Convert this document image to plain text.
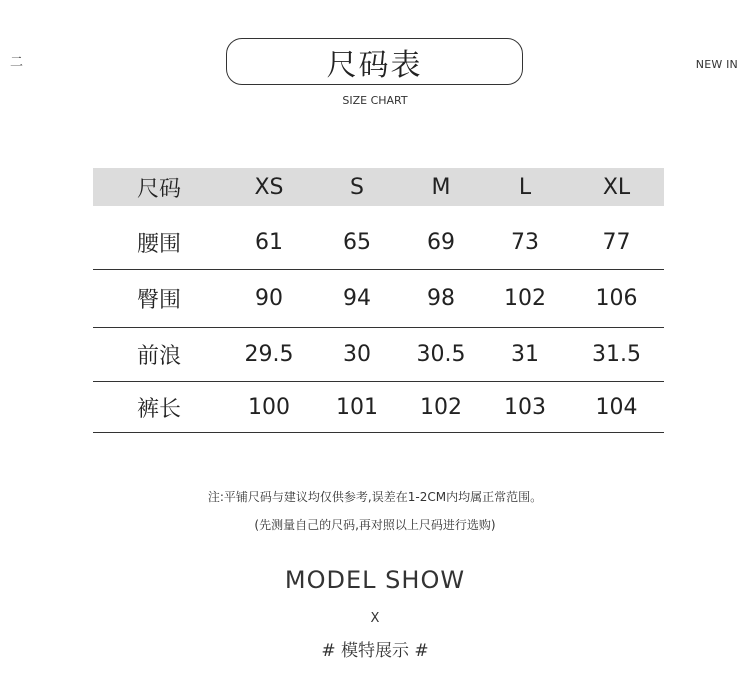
二	NEW IN
尺码表
SIZE CHART
尺码	XS	S	M	L	XL

腰围	61	65	69	73	77
臀围	90	94	98	102	106
前浪	29.5	30	30.5	31	31.5
裤长	100	101	102	103	104
注:平铺尺码与建议均仅供参考,误差在1-2CM内均属正常范围。
(先测量自己的尺码,再对照以上尺码进行选购)
MODEL SHOW
X
# 模特展示 #
